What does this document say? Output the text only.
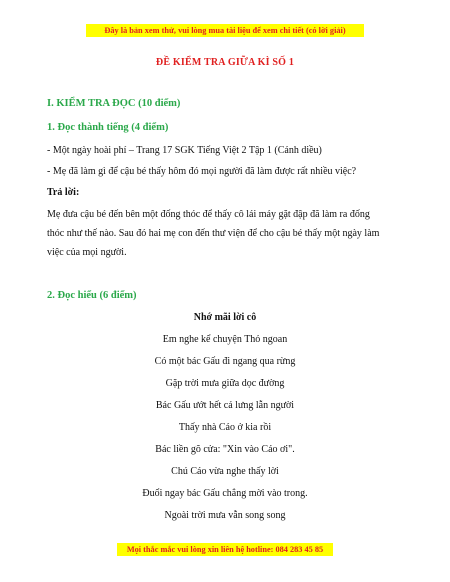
Đây là bản xem thử, vui lòng mua tài liệu để xem chi tiết (có lời giải)
ĐỀ KIỂM TRA GIỮA KÌ SỐ 1
I. KIỂM TRA ĐỌC (10 điểm)
1. Đọc thành tiếng (4 điểm)
- Một ngày hoài phí – Trang 17 SGK Tiếng Việt 2 Tập 1 (Cánh diều)
- Mẹ đã làm gì để cậu bé thấy hôm đó mọi người đã làm được rất nhiều việc?
Trả lời:
Mẹ đưa cậu bé đến bên một đống thóc để thấy cô lái máy gặt đập đã làm ra đống
thóc như thế nào. Sau đó hai mẹ con đến thư viện để cho cậu bé thấy một ngày làm
việc của mọi người.
2. Đọc hiểu (6 điểm)
Nhớ mãi lời cô
Em nghe kể chuyện Thỏ ngoan
Có một bác Gấu đi ngang qua rừng
Gặp trời mưa giữa dọc đường
Bác Gấu ướt hết cả lưng lẫn người
Thấy nhà Cáo ở kia rồi
Bác liền gõ cửa: "Xin vào Cáo ơi".
Chú Cáo vừa nghe thấy lời
Đuổi ngay bác Gấu chẳng mời vào trong.
Ngoài trời mưa vẫn song song
Mọi thắc mắc vui lòng xin liên hệ hotline: 084 283 45 85
